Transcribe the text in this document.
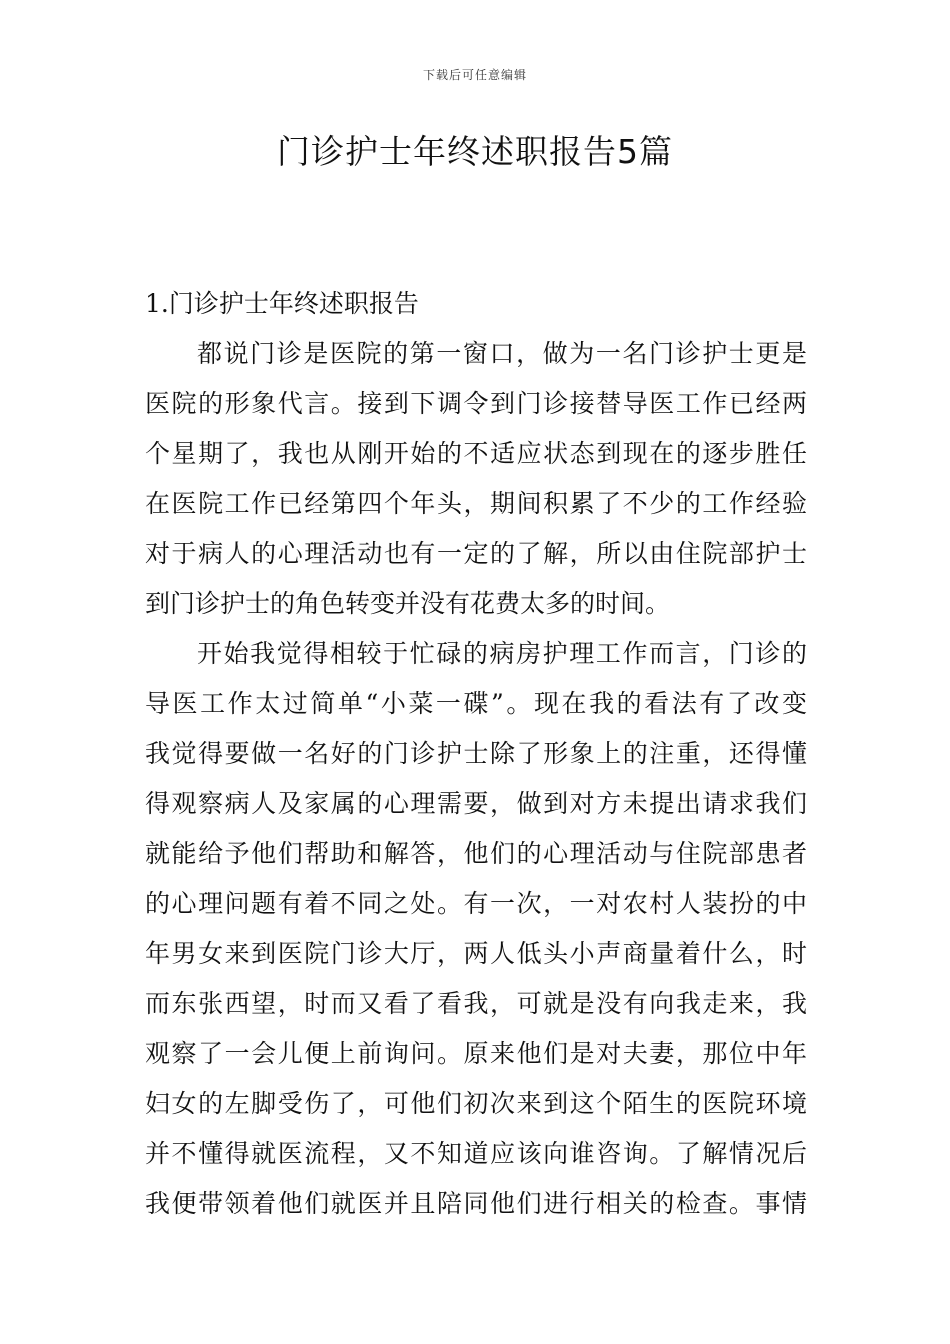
下载后可任意编辑
门诊护士年终述职报告5篇
1.门诊护士年终述职报告
都说门诊是医院的第一窗口，做为一名门诊护士更是
医院的形象代言。接到下调令到门诊接替导医工作已经两
个星期了，我也从刚开始的不适应状态到现在的逐步胜任
在医院工作已经第四个年头，期间积累了不少的工作经验
对于病人的心理活动也有一定的了解，所以由住院部护士
到门诊护士的角色转变并没有花费太多的时间。
开始我觉得相较于忙碌的病房护理工作而言，门诊的
导医工作太过简单“小菜一碟”。现在我的看法有了改变
我觉得要做一名好的门诊护士除了形象上的注重，还得懂
得观察病人及家属的心理需要，做到对方未提出请求我们
就能给予他们帮助和解答，他们的心理活动与住院部患者
的心理问题有着不同之处。有一次，一对农村人装扮的中
年男女来到医院门诊大厅，两人低头小声商量着什么，时
而东张西望，时而又看了看我，可就是没有向我走来，我
观察了一会儿便上前询问。原来他们是对夫妻，那位中年
妇女的左脚受伤了，可他们初次来到这个陌生的医院环境
并不懂得就医流程，又不知道应该向谁咨询。了解情况后
我便带领着他们就医并且陪同他们进行相关的检查。事情
